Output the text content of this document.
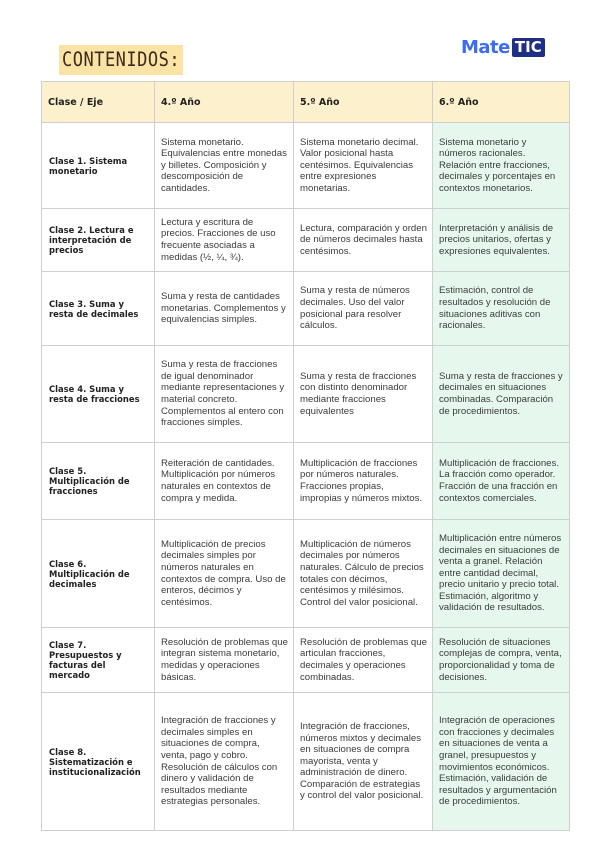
CONTENIDOS:
Mate TIC
Clase / Eje	4.º Año	5.º Año	6.º Año
Clase 1. Sistema monetario	Sistema monetario. Equivalencias entre monedas y billetes. Composición y descomposición de cantidades.	Sistema monetario decimal. Valor posicional hasta centésimos. Equivalencias entre expresiones monetarias.	Sistema monetario y números racionales. Relación entre fracciones, decimales y porcentajes en contextos monetarios.
Clase 2. Lectura e interpretación de precios	Lectura y escritura de precios. Fracciones de uso frecuente asociadas a medidas (½, ¼, ¾).	Lectura, comparación y orden de números decimales hasta centésimos.	Interpretación y análisis de precios unitarios, ofertas y expresiones equivalentes.
Clase 3. Suma y resta de decimales	Suma y resta de cantidades monetarias. Complementos y equivalencias simples.	Suma y resta de números decimales. Uso del valor posicional para resolver cálculos.	Estimación, control de resultados y resolución de situaciones aditivas con racionales.
Clase 4. Suma y resta de fracciones	Suma y resta de fracciones de igual denominador mediante representaciones y material concreto. Complementos al entero con fracciones simples.	Suma y resta de fracciones con distinto denominador mediante fracciones equivalentes	Suma y resta de fracciones y decimales en situaciones combinadas. Comparación de procedimientos.
Clase 5. Multiplicación de fracciones	Reiteración de cantidades. Multiplicación por números naturales en contextos de compra y medida.	Multiplicación de fracciones por números naturales. Fracciones propias, impropias y números mixtos.	Multiplicación de fracciones. La fracción como operador. Fracción de una fracción en contextos comerciales.
Clase 6. Multiplicación de decimales	Multiplicación de precios decimales simples por números naturales en contextos de compra. Uso de enteros, décimos y centésimos.	Multiplicación de números decimales por números naturales. Cálculo de precios totales con décimos, centésimos y milésimos. Control del valor posicional.	Multiplicación entre números decimales en situaciones de venta a granel. Relación entre cantidad decimal, precio unitario y precio total. Estimación, algoritmo y validación de resultados.
Clase 7. Presupuestos y facturas del mercado	Resolución de problemas que integran sistema monetario, medidas y operaciones básicas.	Resolución de problemas que articulan fracciones, decimales y operaciones combinadas.	Resolución de situaciones complejas de compra, venta, proporcionalidad y toma de decisiones.
Clase 8. Sistematización e institucionalización	Integración de fracciones y decimales simples en situaciones de compra, venta, pago y cobro. Resolución de cálculos con dinero y validación de resultados mediante estrategias personales.	Integración de fracciones, números mixtos y decimales en situaciones de compra mayorista, venta y administración de dinero. Comparación de estrategias y control del valor posicional.	Integración de operaciones con fracciones y decimales en situaciones de venta a granel, presupuestos y movimientos económicos. Estimación, validación de resultados y argumentación de procedimientos.
